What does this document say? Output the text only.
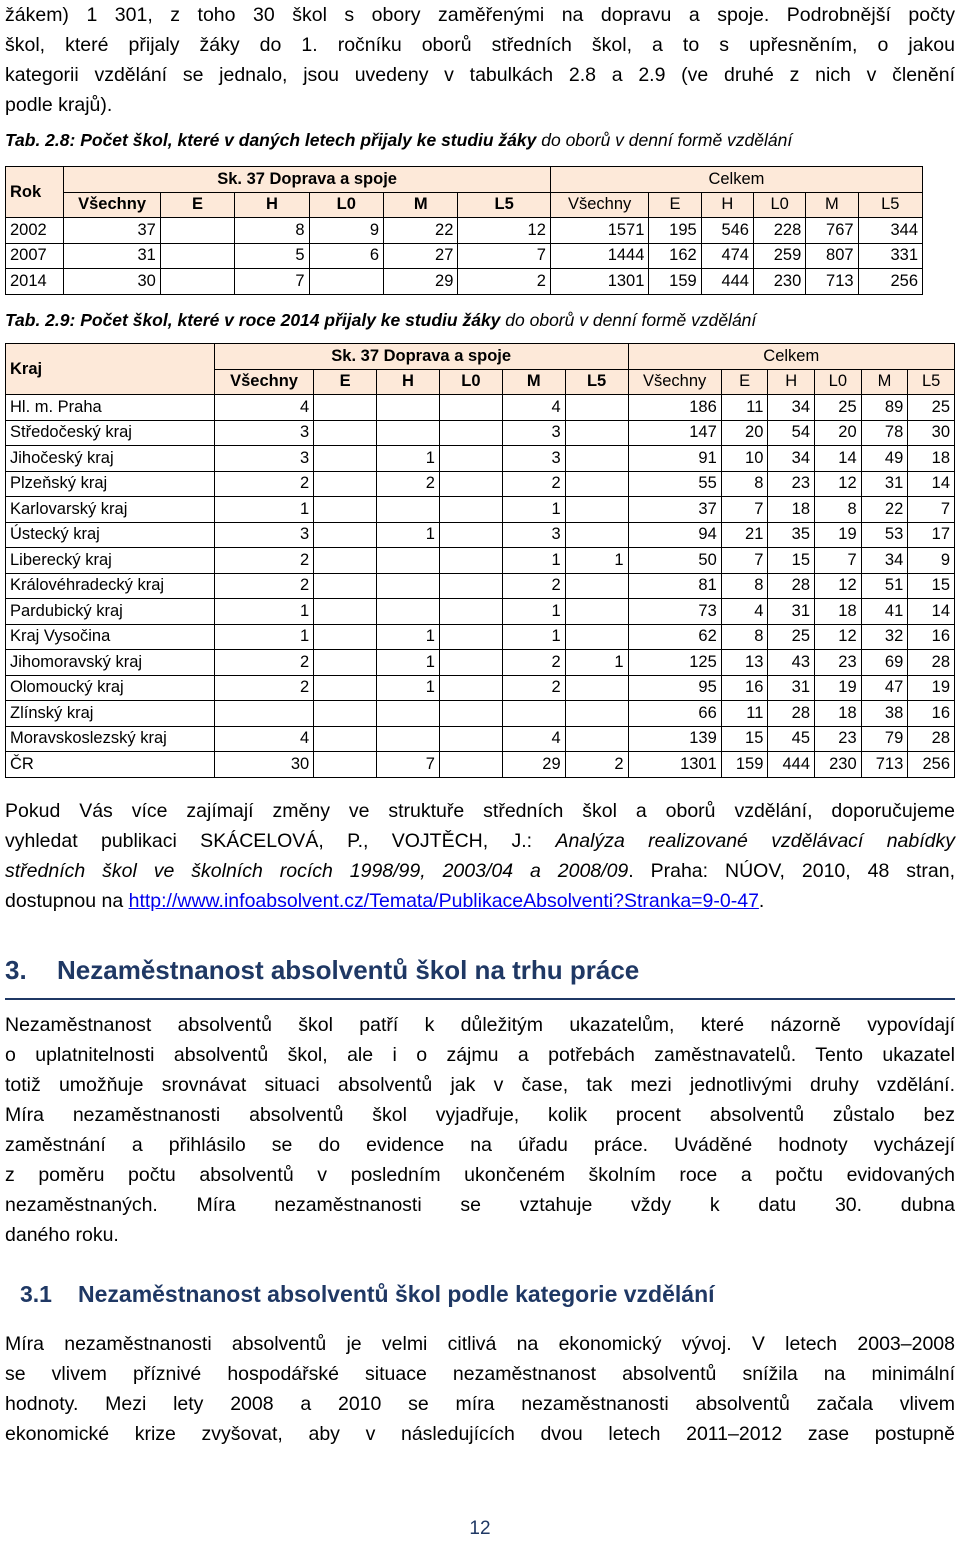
žákem) 1 301, z toho 30 škol s obory zaměřenými na dopravu a spoje. Podrobnější počty
škol, které přijaly žáky do 1. ročníku oborů středních škol, a to s upřesněním, o jakou
kategorii vzdělání se jednalo, jsou uvedeny v tabulkách 2.8 a 2.9 (ve druhé z nich v členění
podle krajů).
Tab. 2.8: Počet škol, které v daných letech přijaly ke studiu žáky do oborů v denní formě vzdělání
Rok	Sk. 37 Doprava a spoje						Celkem					
	Všechny	E	H	L0	M	L5	Všechny	E	H	L0	M	L5
2002	37		8	9	22	12	1571	195	546	228	767	344
2007	31		5	6	27	7	1444	162	474	259	807	331
2014	30		7		29	2	1301	159	444	230	713	256
Tab. 2.9: Počet škol, které v roce 2014 přijaly ke studiu žáky do oborů v denní formě vzdělání
Kraj	Sk. 37 Doprava a spoje						Celkem					
	Všechny	E	H	L0	M	L5	Všechny	E	H	L0	M	L5
Hl. m. Praha	4				4		186	11	34	25	89	25
Středočeský kraj	3				3		147	20	54	20	78	30
Jihočeský kraj	3		1		3		91	10	34	14	49	18
Plzeňský kraj	2		2		2		55	8	23	12	31	14
Karlovarský kraj	1				1		37	7	18	8	22	7
Ústecký kraj	3		1		3		94	21	35	19	53	17
Liberecký kraj	2				1	1	50	7	15	7	34	9
Královéhradecký kraj	2				2		81	8	28	12	51	15
Pardubický kraj	1				1		73	4	31	18	41	14
Kraj Vysočina	1		1		1		62	8	25	12	32	16
Jihomoravský kraj	2		1		2	1	125	13	43	23	69	28
Olomoucký kraj	2		1		2		95	16	31	19	47	19
Zlínský kraj							66	11	28	18	38	16
Moravskoslezský kraj	4				4		139	15	45	23	79	28
ČR	30		7		29	2	1301	159	444	230	713	256
Pokud Vás více zajímají změny ve struktuře středních škol a oborů vzdělání, doporučujeme
vyhledat publikaci SKÁCELOVÁ, P., VOJTĚCH, J.: Analýza realizované vzdělávací nabídky
středních škol ve školních rocích 1998/99, 2003/04 a 2008/09. Praha: NÚOV, 2010, 48 stran,
dostupnou na http://www.infoabsolvent.cz/Temata/PublikaceAbsolventi?Stranka=9-0-47.
3. Nezaměstnanost absolventů škol na trhu práce
Nezaměstnanost absolventů škol patří k důležitým ukazatelům, které názorně vypovídají
o uplatnitelnosti absolventů škol, ale i o zájmu a potřebách zaměstnavatelů. Tento ukazatel
totiž umožňuje srovnávat situaci absolventů jak v čase, tak mezi jednotlivými druhy vzdělání.
Míra nezaměstnanosti absolventů škol vyjadřuje, kolik procent absolventů zůstalo bez
zaměstnání a přihlásilo se do evidence na úřadu práce. Uváděné hodnoty vycházejí
z poměru počtu absolventů v posledním ukončeném školním roce a počtu evidovaných
nezaměstnaných. Míra nezaměstnanosti se vztahuje vždy k datu 30. dubna
daného roku.
3.1 Nezaměstnanost absolventů škol podle kategorie vzdělání
Míra nezaměstnanosti absolventů je velmi citlivá na ekonomický vývoj. V letech 2003–2008
se vlivem příznivé hospodářské situace nezaměstnanost absolventů snížila na minimální
hodnoty. Mezi lety 2008 a 2010 se míra nezaměstnanosti absolventů začala vlivem
ekonomické krize zvyšovat, aby v následujících dvou letech 2011–2012 zase postupně
12
